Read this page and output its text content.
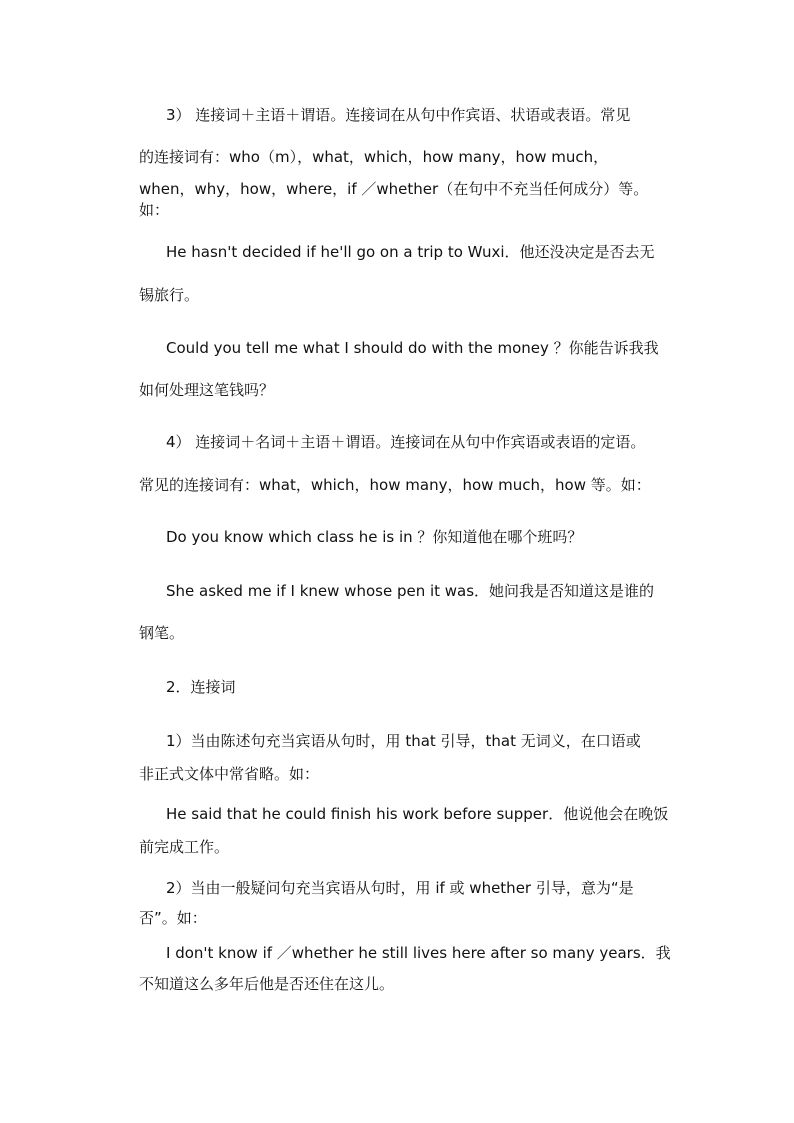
3） 连接词＋主语＋谓语。连接词在从句中作宾语、状语或表语。常见
的连接词有：who（m），what，which，how many，how much，
when，why，how，where，if ／whether（在句中不充当任何成分）等。
如：
He hasn't decided if he'll go on a trip to Wuxi．他还没决定是否去无
锡旅行。
Could you tell me what I should do with the money ？你能告诉我我
如何处理这笔钱吗？
4） 连接词＋名词＋主语＋谓语。连接词在从句中作宾语或表语的定语。
常见的连接词有：what，which，how many，how much，how 等。如：
Do you know which class he is in ？你知道他在哪个班吗？
She asked me if I knew whose pen it was．她问我是否知道这是谁的
钢笔。
2．连接词
1）当由陈述句充当宾语从句时，用 that 引导，that 无词义，在口语或
非正式文体中常省略。如：
He said that he could finish his work before supper．他说他会在晚饭
前完成工作。
2）当由一般疑问句充当宾语从句时，用 if 或 whether 引导，意为“是
否”。如：
I don't know if ／whether he still lives here after so many years．我
不知道这么多年后他是否还住在这儿。
